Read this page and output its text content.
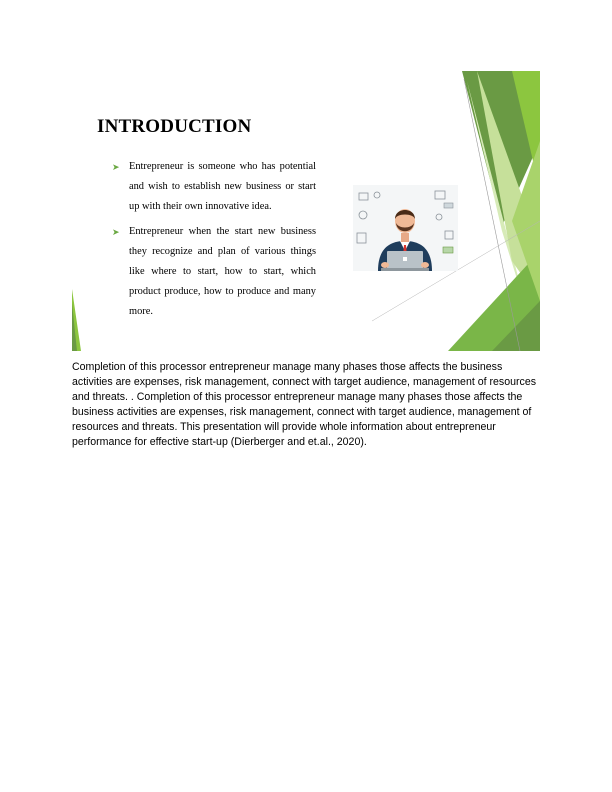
INTRODUCTION
➤ Entrepreneur is someone who has potential and wish to establish new business or start up with their own innovative idea.
➤ Entrepreneur when the start new business they recognize and plan of various things like where to start, how to start, which product produce, how to produce and many more.

Completion of this processor entrepreneur manage many phases those affects the business activities are expenses, risk management, connect with target audience, management of resources and threats. . Completion of this processor entrepreneur manage many phases those affects the business activities are expenses, risk management, connect with target audience, management of resources and threats. This presentation will provide whole information about entrepreneur performance for effective start-up (Dierberger and et.al., 2020).
